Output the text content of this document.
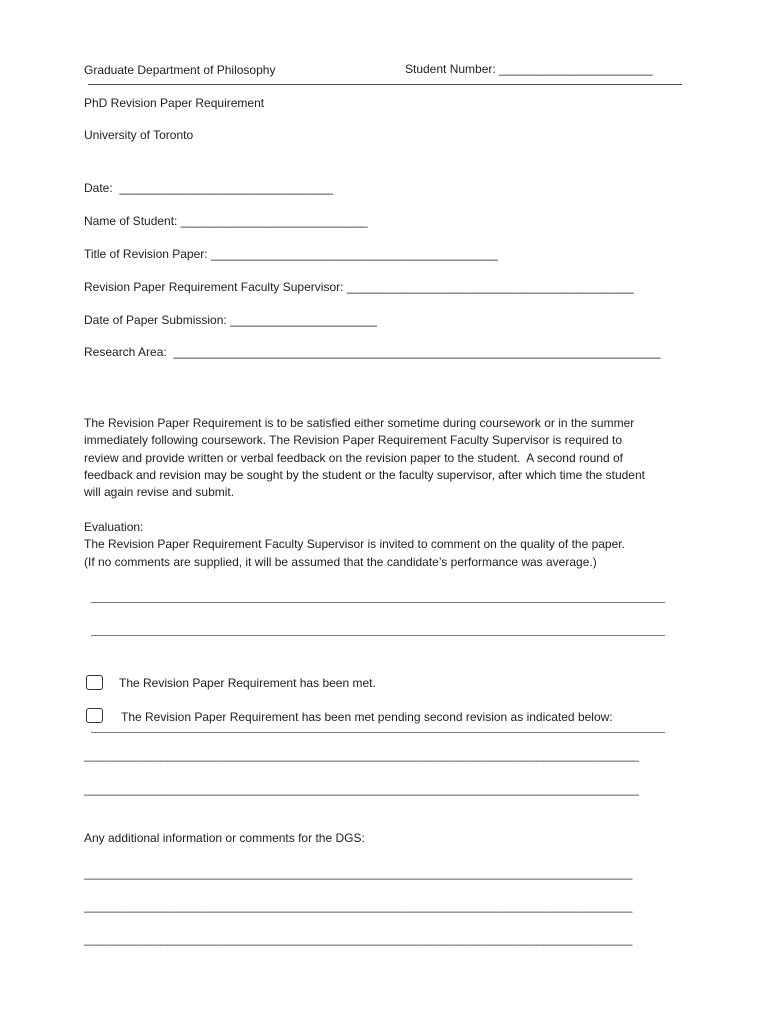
Graduate Department of Philosophy	Student Number: _______________________
PhD Revision Paper Requirement
University of Toronto
Date:  ________________________________
Name of Student: ____________________________
Title of Revision Paper: ___________________________________________
Revision Paper Requirement Faculty Supervisor: ___________________________________________
Date of Paper Submission: ______________________
Research Area:  _________________________________________________________________________
The Revision Paper Requirement is to be satisfied either sometime during coursework or in the summer
immediately following coursework. The Revision Paper Requirement Faculty Supervisor is required to
review and provide written or verbal feedback on the revision paper to the student.  A second round of
feedback and revision may be sought by the student or the faculty supervisor, after which time the student
will again revise and submit.
Evaluation:
The Revision Paper Requirement Faculty Supervisor is invited to comment on the quality of the paper.
(If no comments are supplied, it will be assumed that the candidate’s performance was average.)
The Revision Paper Requirement has been met.
The Revision Paper Requirement has been met pending second revision as indicated below:
_______________________________________________________________________________________
_______________________________________________________________________________________
Any additional information or comments for the DGS:
______________________________________________________________________________________
______________________________________________________________________________________
______________________________________________________________________________________
